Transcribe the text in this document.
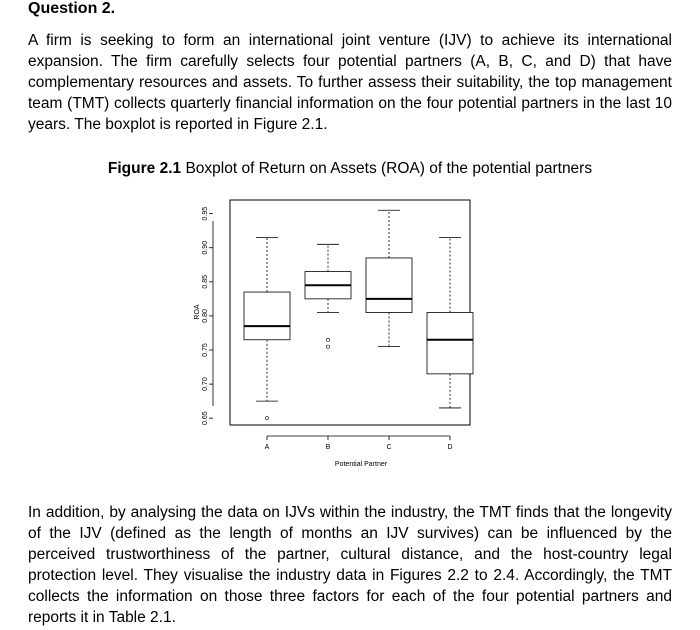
Question 2.

A firm is seeking to form an international joint venture (IJV) to achieve its international expansion. The firm carefully selects four potential partners (A, B, C, and D) that have complementary resources and assets. To further assess their suitability, the top management team (TMT) collects quarterly financial information on the four potential partners in the last 10 years. The boxplot is reported in Figure 2.1.

Figure 2.1 Boxplot of Return on Assets (ROA) of the potential partners
0.65
0.70
0.75
0.80
0.85
0.90
0.95
A	B	C	D
ROA
Potential Partner

In addition, by analysing the data on IJVs within the industry, the TMT finds that the longevity of the IJV (defined as the length of months an IJV survives) can be influenced by the perceived trustworthiness of the partner, cultural distance, and the host-country legal protection level. They visualise the industry data in Figures 2.2 to 2.4. Accordingly, the TMT collects the information on those three factors for each of the four potential partners and reports it in Table 2.1.
